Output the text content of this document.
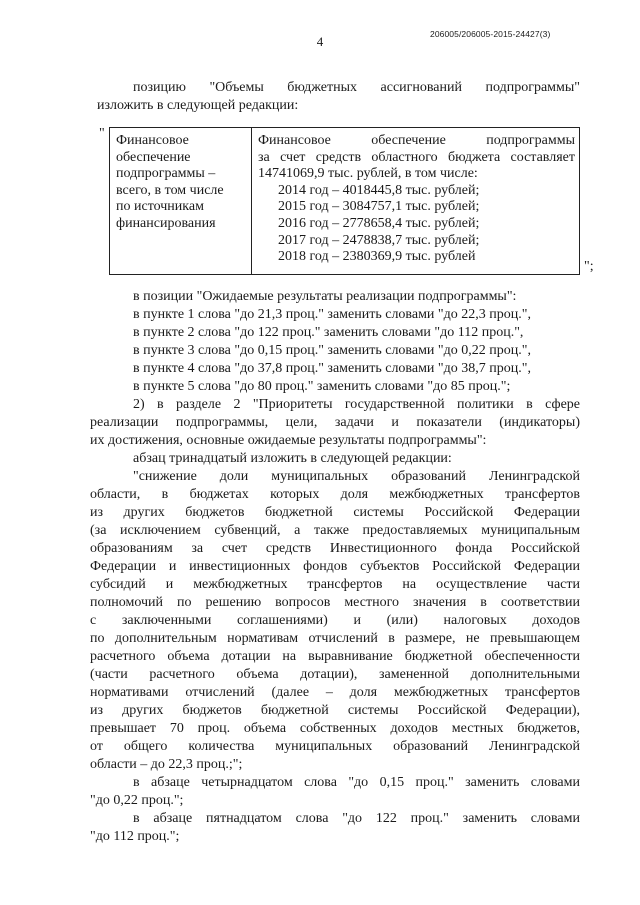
4	206005/206005-2015-24427(3)
позицию "Объемы бюджетных ассигнований подпрограммы"
изложить в следующей редакции:
" Финансовое
обеспечение
подпрограммы –
всего, в том числе
по источникам
финансирования
Финансовое обеспечение подпрограммы
за счет средств областного бюджета составляет
14741069,9 тыс. рублей, в том числе:
2014 год – 4018445,8 тыс. рублей;
2015 год – 3084757,1 тыс. рублей;
2016 год – 2778658,4 тыс. рублей;
2017 год – 2478838,7 тыс. рублей;
2018 год – 2380369,9 тыс. рублей
";
в позиции "Ожидаемые результаты реализации подпрограммы":
в пункте 1 слова "до 21,3 проц." заменить словами "до 22,3 проц.",
в пункте 2 слова "до 122 проц." заменить словами "до 112 проц.",
в пункте 3 слова "до 0,15 проц." заменить словами "до 0,22 проц.",
в пункте 4 слова "до 37,8 проц." заменить словами "до 38,7 проц.",
в пункте 5 слова "до 80 проц." заменить словами "до 85 проц.";
2) в разделе 2 "Приоритеты государственной политики в сфере
реализации подпрограммы, цели, задачи и показатели (индикаторы)
их достижения, основные ожидаемые результаты подпрограммы":
абзац тринадцатый изложить в следующей редакции:
"снижение доли муниципальных образований Ленинградской
области, в бюджетах которых доля межбюджетных трансфертов
из других бюджетов бюджетной системы Российской Федерации
(за исключением субвенций, а также предоставляемых муниципальным
образованиям за счет средств Инвестиционного фонда Российской
Федерации и инвестиционных фондов субъектов Российской Федерации
субсидий и межбюджетных трансфертов на осуществление части
полномочий по решению вопросов местного значения в соответствии
с заключенными соглашениями) и (или) налоговых доходов
по дополнительным нормативам отчислений в размере, не превышающем
расчетного объема дотации на выравнивание бюджетной обеспеченности
(части расчетного объема дотации), замененной дополнительными
нормативами отчислений (далее – доля межбюджетных трансфертов
из других бюджетов бюджетной системы Российской Федерации),
превышает 70 проц. объема собственных доходов местных бюджетов,
от общего количества муниципальных образований Ленинградской
области – до 22,3 проц.;";
в абзаце четырнадцатом слова "до 0,15 проц." заменить словами
"до 0,22 проц.";
в абзаце пятнадцатом слова "до 122 проц." заменить словами
"до 112 проц.";
